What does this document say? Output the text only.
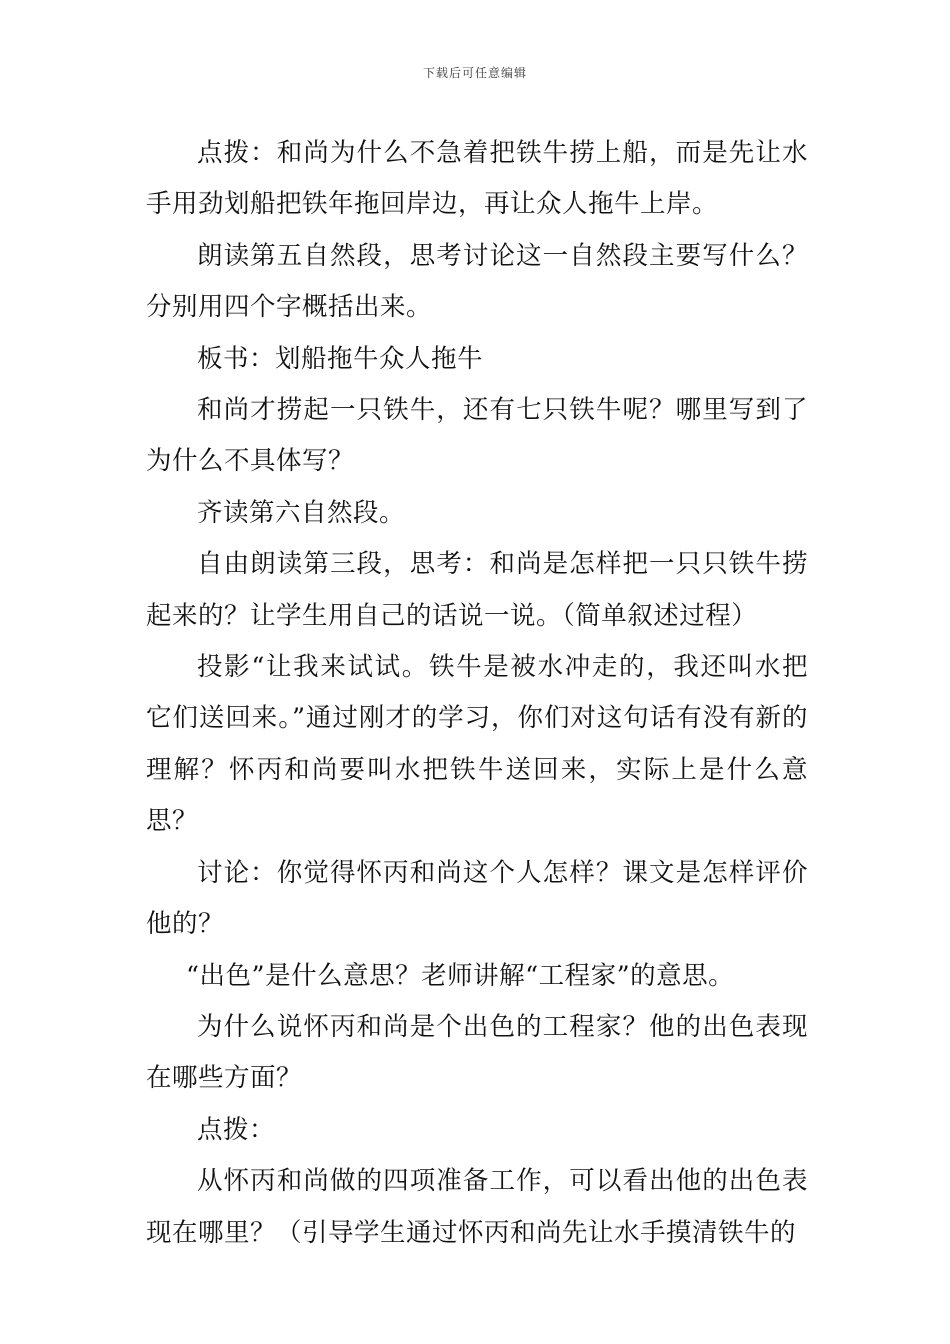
下载后可任意编辑

点拨：和尚为什么不急着把铁牛捞上船，而是先让水手用劲划船把铁年拖回岸边，再让众人拖牛上岸。

朗读第五自然段，思考讨论这一自然段主要写什么？分别用四个字概括出来。

板书：划船拖牛众人拖牛

和尚才捞起一只铁牛，还有七只铁牛呢？哪里写到了为什么不具体写？

齐读第六自然段。

自由朗读第三段，思考：和尚是怎样把一只只铁牛捞起来的？让学生用自己的话说一说。（简单叙述过程）

投影“让我来试试。铁牛是被水冲走的，我还叫水把它们送回来。”通过刚才的学习，你们对这句话有没有新的理解？怀丙和尚要叫水把铁牛送回来，实际上是什么意思？

讨论：你觉得怀丙和尚这个人怎样？课文是怎样评价他的？

“出色”是什么意思？老师讲解“工程家”的意思。

为什么说怀丙和尚是个出色的工程家？他的出色表现在哪些方面？

点拨：

从怀丙和尚做的四项准备工作，可以看出他的出色表现在哪里？（引导学生通过怀丙和尚先让水手摸清铁牛的
